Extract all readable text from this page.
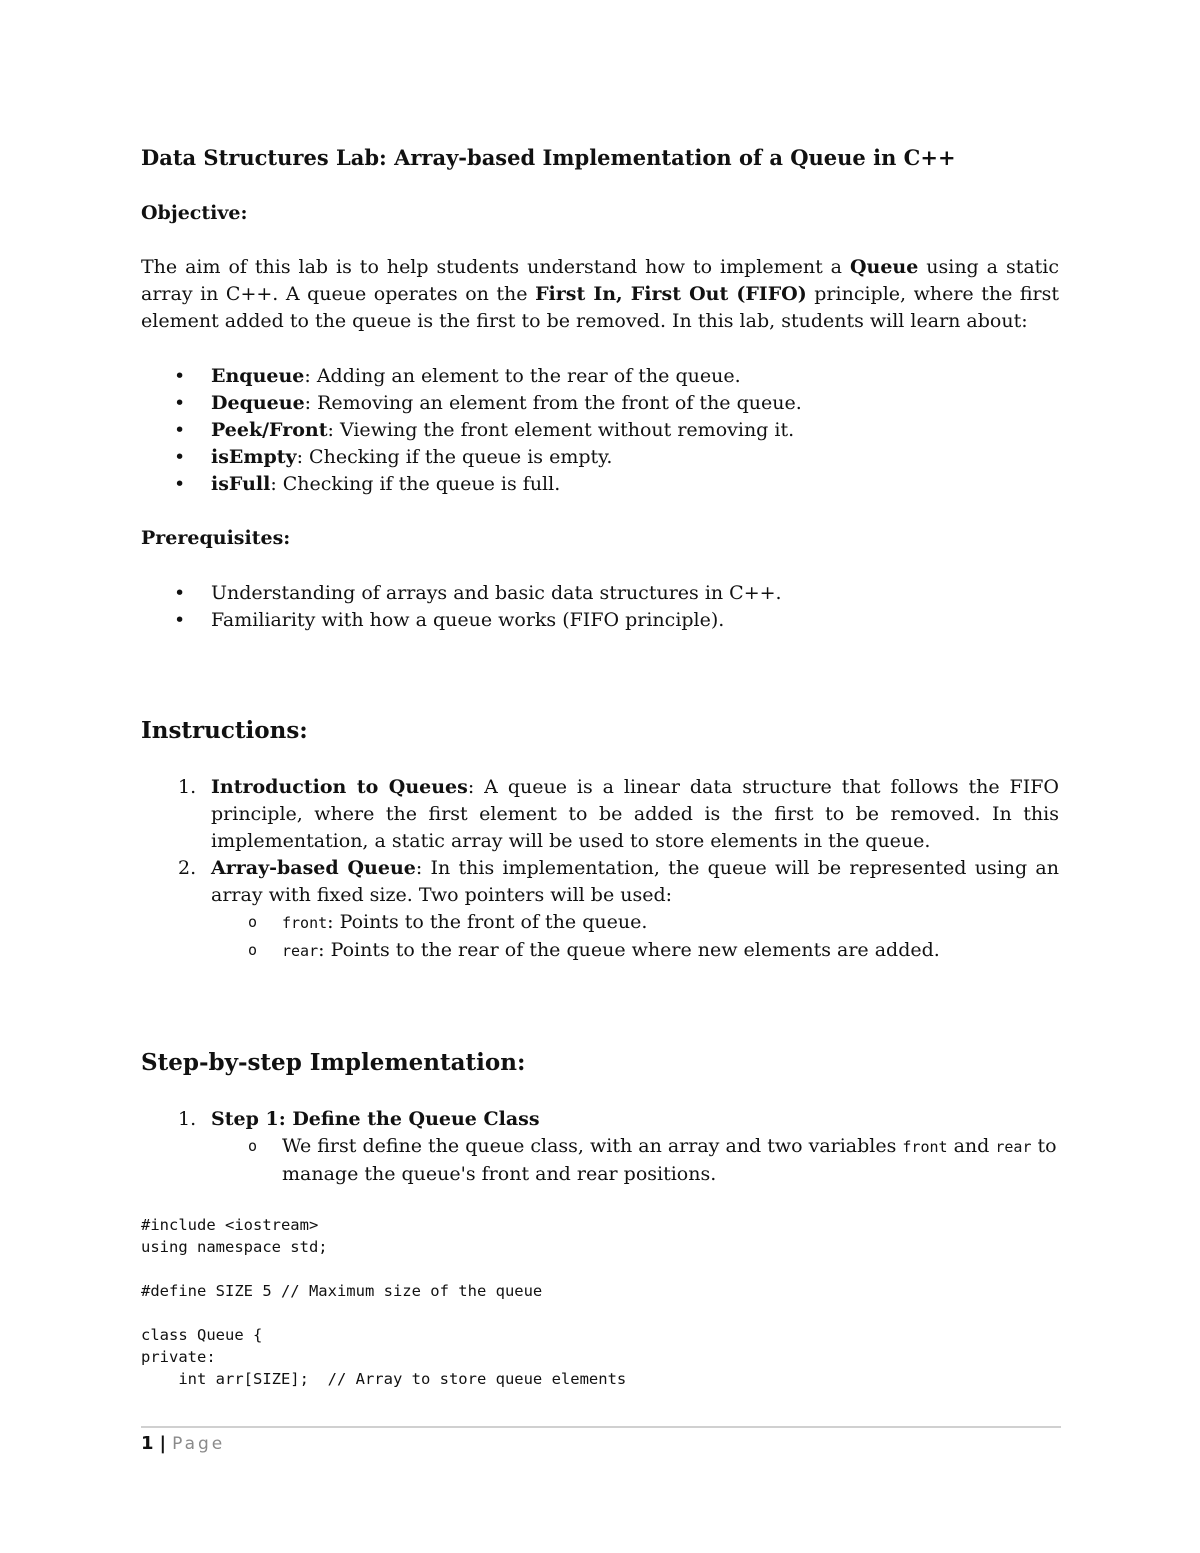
Data Structures Lab: Array-based Implementation of a Queue in C++
Objective:

The aim of this lab is to help students understand how to implement a Queue using a static array in C++. A queue operates on the First In, First Out (FIFO) principle, where the first element added to the queue is the first to be removed. In this lab, students will learn about:

• Enqueue: Adding an element to the rear of the queue.
• Dequeue: Removing an element from the front of the queue.
• Peek/Front: Viewing the front element without removing it.
• isEmpty: Checking if the queue is empty.
• isFull: Checking if the queue is full.
Prerequisites:
• Understanding of arrays and basic data structures in C++.
• Familiarity with how a queue works (FIFO principle).
Instructions:
1. Introduction to Queues: A queue is a linear data structure that follows the FIFO principle, where the first element to be added is the first to be removed. In this implementation, a static array will be used to store elements in the queue.
2. Array-based Queue: In this implementation, the queue will be represented using an array with fixed size. Two pointers will be used:
o front: Points to the front of the queue.
o rear: Points to the rear of the queue where new elements are added.
Step-by-step Implementation:
1. Step 1: Define the Queue Class
o We first define the queue class, with an array and two variables front and rear to manage the queue's front and rear positions.
#include <iostream>
using namespace std;
#define SIZE 5 // Maximum size of the queue
class Queue {
private:
int arr[SIZE];  // Array to store queue elements
1 | Page
